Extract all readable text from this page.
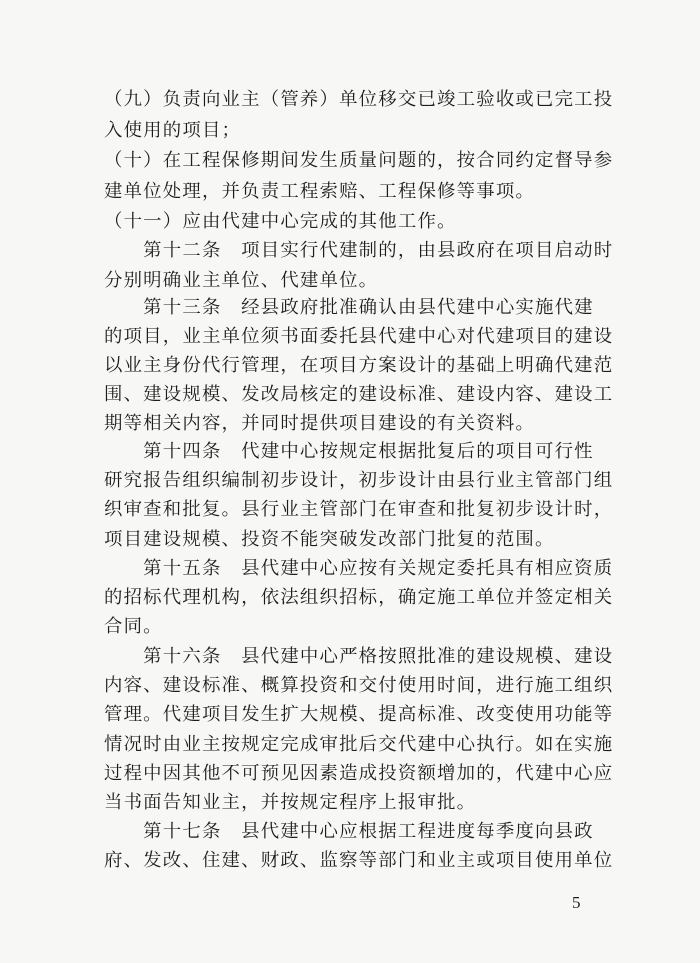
（九）负责向业主（管养）单位移交已竣工验收或已完工投
入使用的项目；
（十）在工程保修期间发生质量问题的，按合同约定督导参
建单位处理，并负责工程索赔、工程保修等事项。
（十一）应由代建中心完成的其他工作。
　　第十二条　项目实行代建制的，由县政府在项目启动时
分别明确业主单位、代建单位。
　　第十三条　经县政府批准确认由县代建中心实施代建
的项目，业主单位须书面委托县代建中心对代建项目的建设
以业主身份代行管理，在项目方案设计的基础上明确代建范
围、建设规模、发改局核定的建设标准、建设内容、建设工
期等相关内容，并同时提供项目建设的有关资料。
　　第十四条　代建中心按规定根据批复后的项目可行性
研究报告组织编制初步设计，初步设计由县行业主管部门组
织审查和批复。县行业主管部门在审查和批复初步设计时，
项目建设规模、投资不能突破发改部门批复的范围。
　　第十五条　县代建中心应按有关规定委托具有相应资质
的招标代理机构，依法组织招标，确定施工单位并签定相关
合同。
　　第十六条　县代建中心严格按照批准的建设规模、建设
内容、建设标准、概算投资和交付使用时间，进行施工组织
管理。代建项目发生扩大规模、提高标准、改变使用功能等
情况时由业主按规定完成审批后交代建中心执行。如在实施
过程中因其他不可预见因素造成投资额增加的，代建中心应
当书面告知业主，并按规定程序上报审批。
　　第十七条　县代建中心应根据工程进度每季度向县政
府、发改、住建、财政、监察等部门和业主或项目使用单位
5
